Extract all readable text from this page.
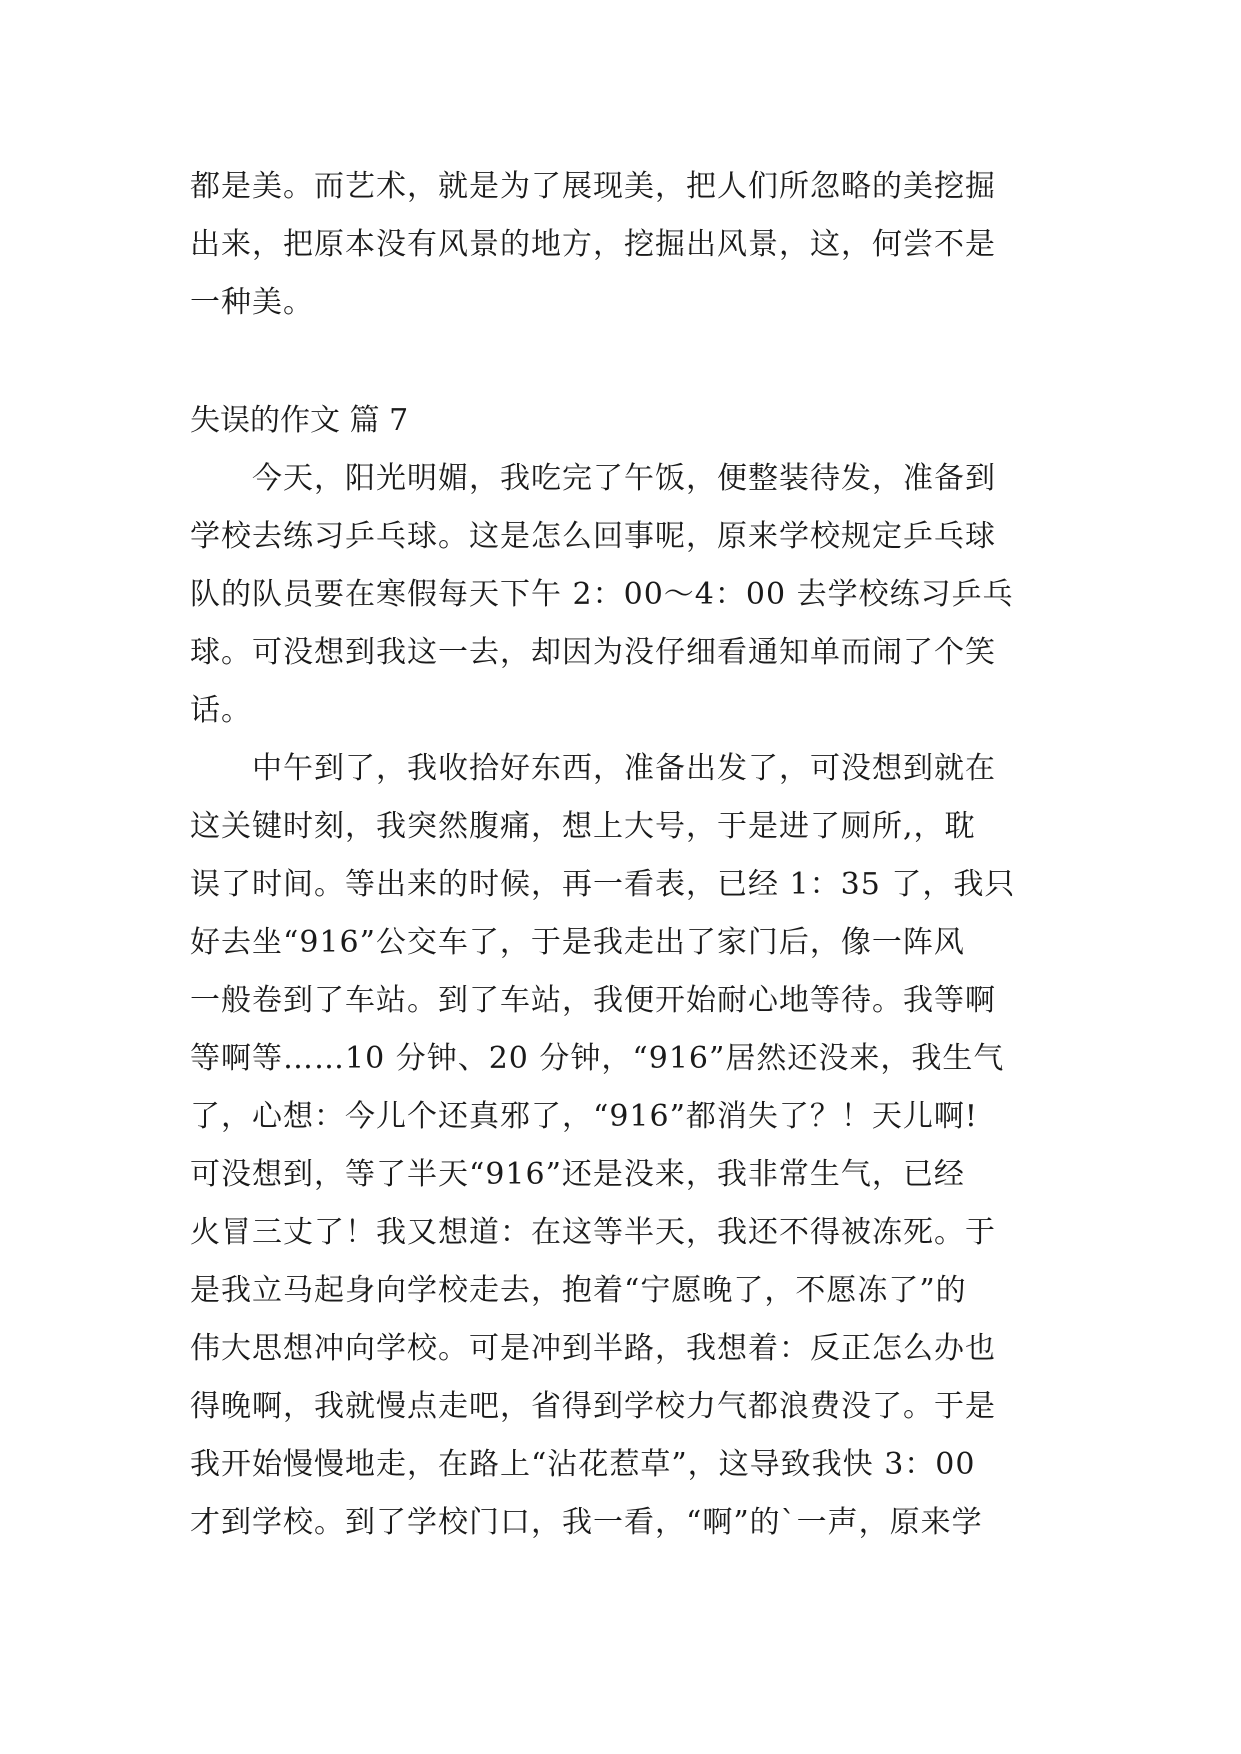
都是美。而艺术，就是为了展现美，把人们所忽略的美挖掘
出来，把原本没有风景的地方，挖掘出风景，这，何尝不是
一种美。
失误的作文 篇 7
　　今天，阳光明媚，我吃完了午饭，便整装待发，准备到
学校去练习乒乓球。这是怎么回事呢，原来学校规定乒乓球
队的队员要在寒假每天下午 2：00～4：00 去学校练习乒乓
球。可没想到我这一去，却因为没仔细看通知单而闹了个笑
话。
　　中午到了，我收拾好东西，准备出发了，可没想到就在
这关键时刻，我突然腹痛，想上大号，于是进了厕所,，耽
误了时间。等出来的时候，再一看表，已经 1：35 了，我只
好去坐“916”公交车了，于是我走出了家门后，像一阵风
一般卷到了车站。到了车站，我便开始耐心地等待。我等啊
等啊等……10 分钟、20 分钟，“916”居然还没来，我生气
了，心想：今儿个还真邪了，“916”都消失了？！天儿啊!
可没想到，等了半天“916”还是没来，我非常生气，已经
火冒三丈了！我又想道：在这等半天，我还不得被冻死。于
是我立马起身向学校走去，抱着“宁愿晚了，不愿冻了”的
伟大思想冲向学校。可是冲到半路，我想着：反正怎么办也
得晚啊，我就慢点走吧，省得到学校力气都浪费没了。于是
我开始慢慢地走，在路上“沾花惹草”，这导致我快 3：00
才到学校。到了学校门口，我一看，“啊”的`一声，原来学
